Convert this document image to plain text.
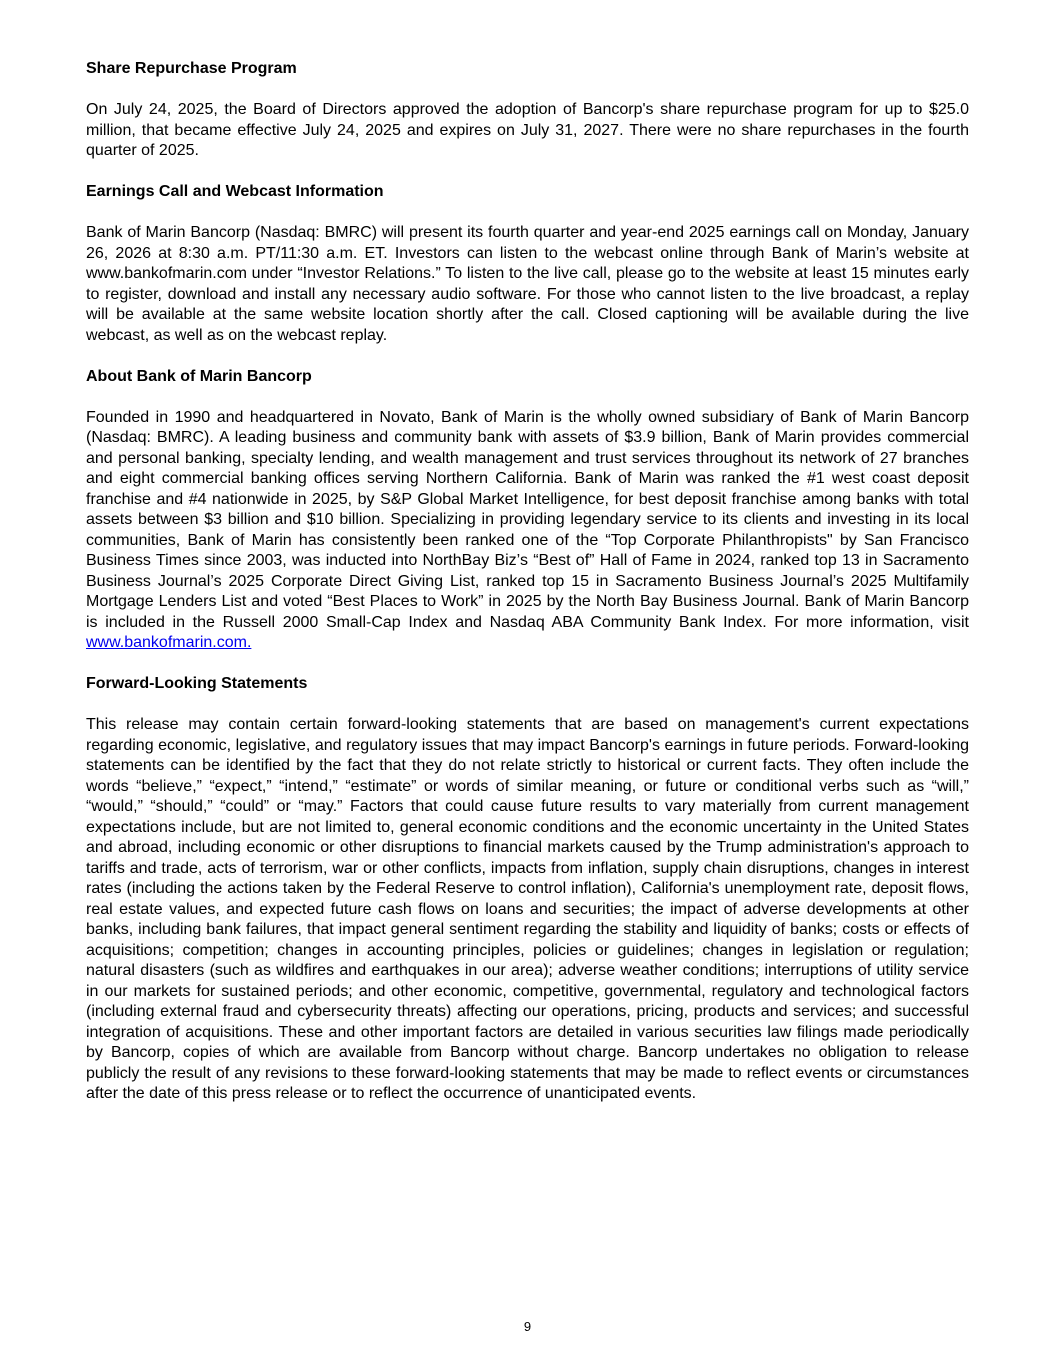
Share Repurchase Program

On July 24, 2025, the Board of Directors approved the adoption of Bancorp's share repurchase program for up to $25.0 million, that became effective July 24, 2025 and expires on July 31, 2027. There were no share repurchases in the fourth quarter of 2025.

Earnings Call and Webcast Information

Bank of Marin Bancorp (Nasdaq: BMRC) will present its fourth quarter and year-end 2025 earnings call on Monday, January 26, 2026 at 8:30 a.m. PT/11:30 a.m. ET. Investors can listen to the webcast online through Bank of Marin’s website at www.bankofmarin.com under “Investor Relations.” To listen to the live call, please go to the website at least 15 minutes early to register, download and install any necessary audio software. For those who cannot listen to the live broadcast, a replay will be available at the same website location shortly after the call. Closed captioning will be available during the live webcast, as well as on the webcast replay.

About Bank of Marin Bancorp

Founded in 1990 and headquartered in Novato, Bank of Marin is the wholly owned subsidiary of Bank of Marin Bancorp (Nasdaq: BMRC). A leading business and community bank with assets of $3.9 billion, Bank of Marin provides commercial and personal banking, specialty lending, and wealth management and trust services throughout its network of 27 branches and eight commercial banking offices serving Northern California. Bank of Marin was ranked the #1 west coast deposit franchise and #4 nationwide in 2025, by S&P Global Market Intelligence, for best deposit franchise among banks with total assets between $3 billion and $10 billion. Specializing in providing legendary service to its clients and investing in its local communities, Bank of Marin has consistently been ranked one of the “Top Corporate Philanthropists" by San Francisco Business Times since 2003, was inducted into NorthBay Biz’s “Best of” Hall of Fame in 2024, ranked top 13 in Sacramento Business Journal’s 2025 Corporate Direct Giving List, ranked top 15 in Sacramento Business Journal’s 2025 Multifamily Mortgage Lenders List and voted “Best Places to Work” in 2025 by the North Bay Business Journal. Bank of Marin Bancorp is included in the Russell 2000 Small-Cap Index and Nasdaq ABA Community Bank Index. For more information, visit www.bankofmarin.com.

Forward-Looking Statements

This release may contain certain forward-looking statements that are based on management's current expectations regarding economic, legislative, and regulatory issues that may impact Bancorp's earnings in future periods. Forward-looking statements can be identified by the fact that they do not relate strictly to historical or current facts. They often include the words “believe,” “expect,” “intend,” “estimate” or words of similar meaning, or future or conditional verbs such as “will,” “would,” “should,” “could” or “may.” Factors that could cause future results to vary materially from current management expectations include, but are not limited to, general economic conditions and the economic uncertainty in the United States and abroad, including economic or other disruptions to financial markets caused by the Trump administration's approach to tariffs and trade, acts of terrorism, war or other conflicts, impacts from inflation, supply chain disruptions, changes in interest rates (including the actions taken by the Federal Reserve to control inflation), California's unemployment rate, deposit flows, real estate values, and expected future cash flows on loans and securities; the impact of adverse developments at other banks, including bank failures, that impact general sentiment regarding the stability and liquidity of banks; costs or effects of acquisitions; competition; changes in accounting principles, policies or guidelines; changes in legislation or regulation; natural disasters (such as wildfires and earthquakes in our area); adverse weather conditions; interruptions of utility service in our markets for sustained periods; and other economic, competitive, governmental, regulatory and technological factors (including external fraud and cybersecurity threats) affecting our operations, pricing, products and services; and successful integration of acquisitions. These and other important factors are detailed in various securities law filings made periodically by Bancorp, copies of which are available from Bancorp without charge. Bancorp undertakes no obligation to release publicly the result of any revisions to these forward-looking statements that may be made to reflect events or circumstances after the date of this press release or to reflect the occurrence of unanticipated events.

9
